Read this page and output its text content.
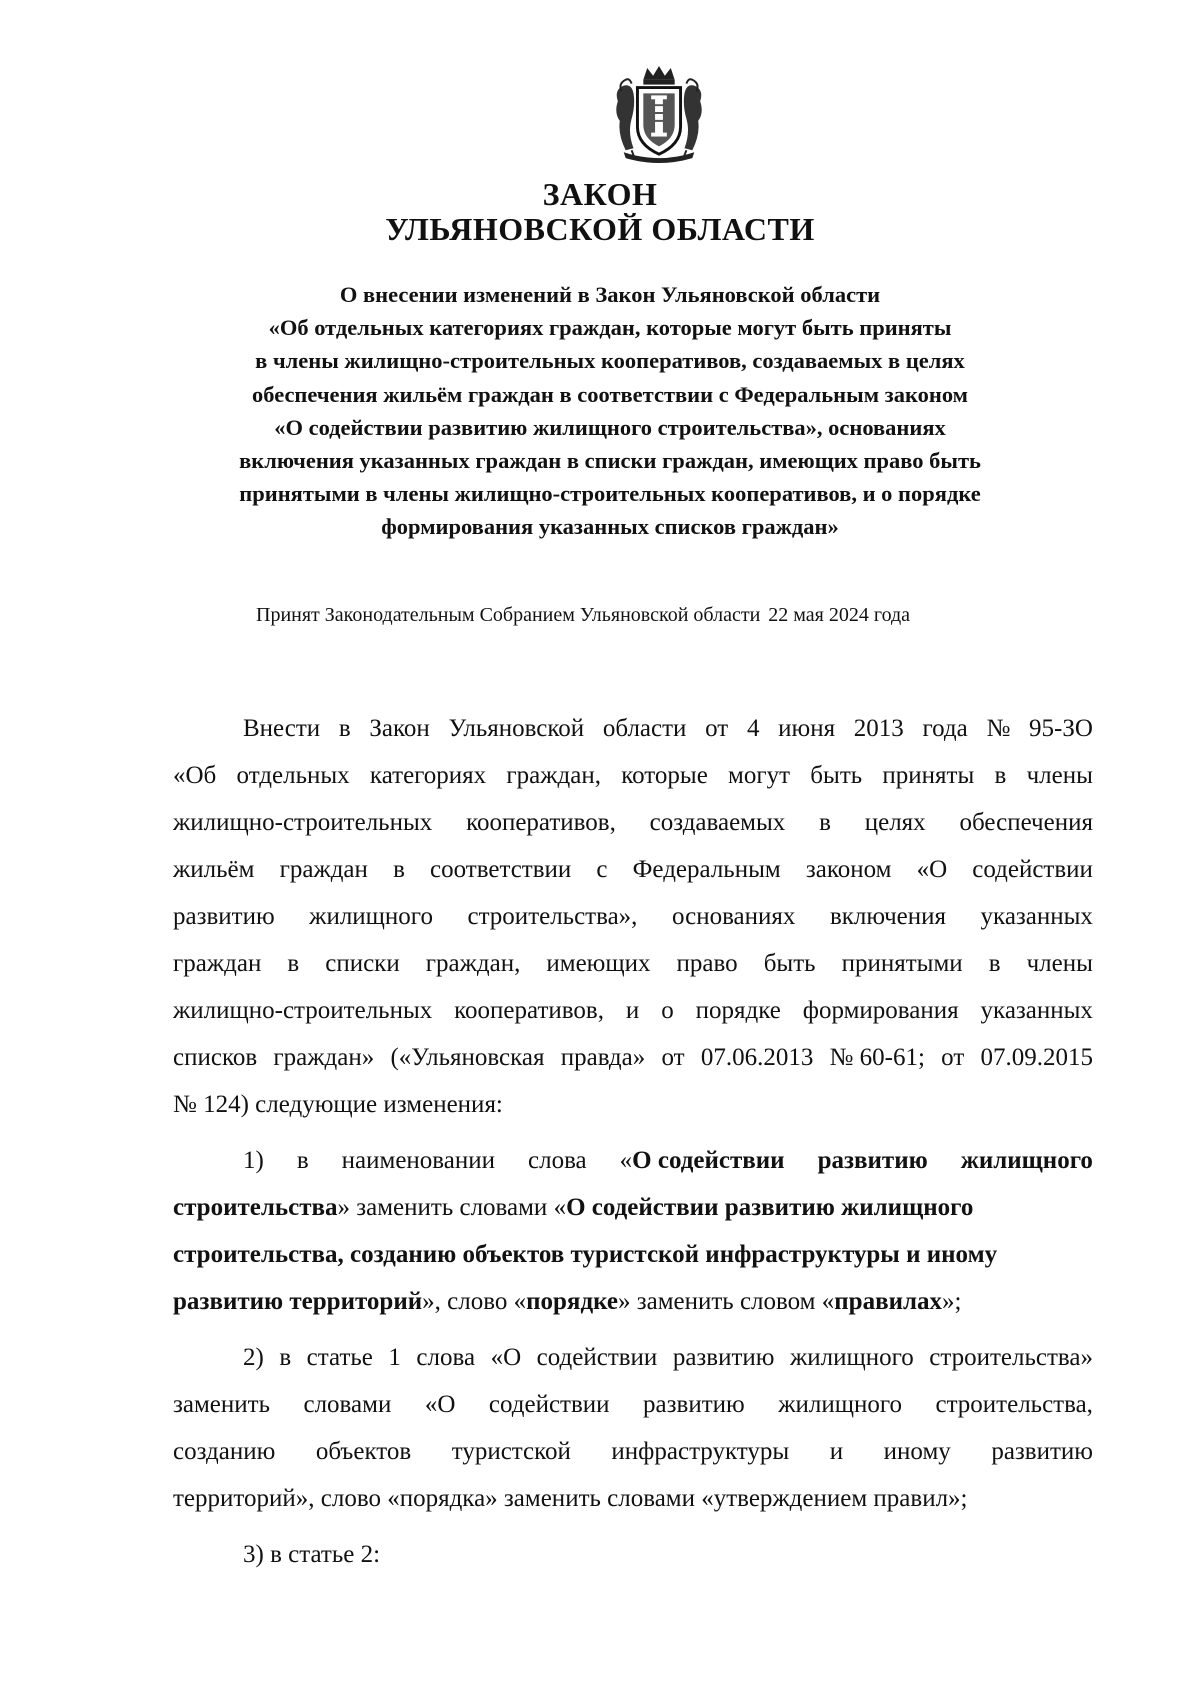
ЗАКОН
УЛЬЯНОВСКОЙ ОБЛАСТИ
О внесении изменений в Закон Ульяновской области
«Об отдельных категориях граждан, которые могут быть приняты
в члены жилищно-строительных кооперативов, создаваемых в целях
обеспечения жильём граждан в соответствии с Федеральным законом
«О содействии развитию жилищного строительства», основаниях
включения указанных граждан в списки граждан, имеющих право быть
принятыми в члены жилищно-строительных кооперативов, и о порядке
формирования указанных списков граждан»
Принят Законодательным Собранием Ульяновской области 22 мая 2024 года
Внести в Закон Ульяновской области от 4 июня 2013 года № 95-ЗО
«Об отдельных категориях граждан, которые могут быть приняты в члены
жилищно-строительных кооперативов, создаваемых в целях обеспечения
жильём граждан в соответствии с Федеральным законом «О содействии
развитию жилищного строительства», основаниях включения указанных
граждан в списки граждан, имеющих право быть принятыми в члены
жилищно-строительных кооперативов, и о порядке формирования указанных
списков граждан» («Ульяновская правда» от 07.06.2013 № 60-61; от 07.09.2015
№ 124) следующие изменения:
1) в наименовании слова «О содействии развитию жилищного
строительства» заменить словами «О содействии развитию жилищного
строительства, созданию объектов туристской инфраструктуры и иному
развитию территорий», слово «порядке» заменить словом «правилах»;
2) в статье 1 слова «О содействии развитию жилищного строительства»
заменить словами «О содействии развитию жилищного строительства,
созданию объектов туристской инфраструктуры и иному развитию
территорий», слово «порядка» заменить словами «утверждением правил»;
3) в статье 2:
